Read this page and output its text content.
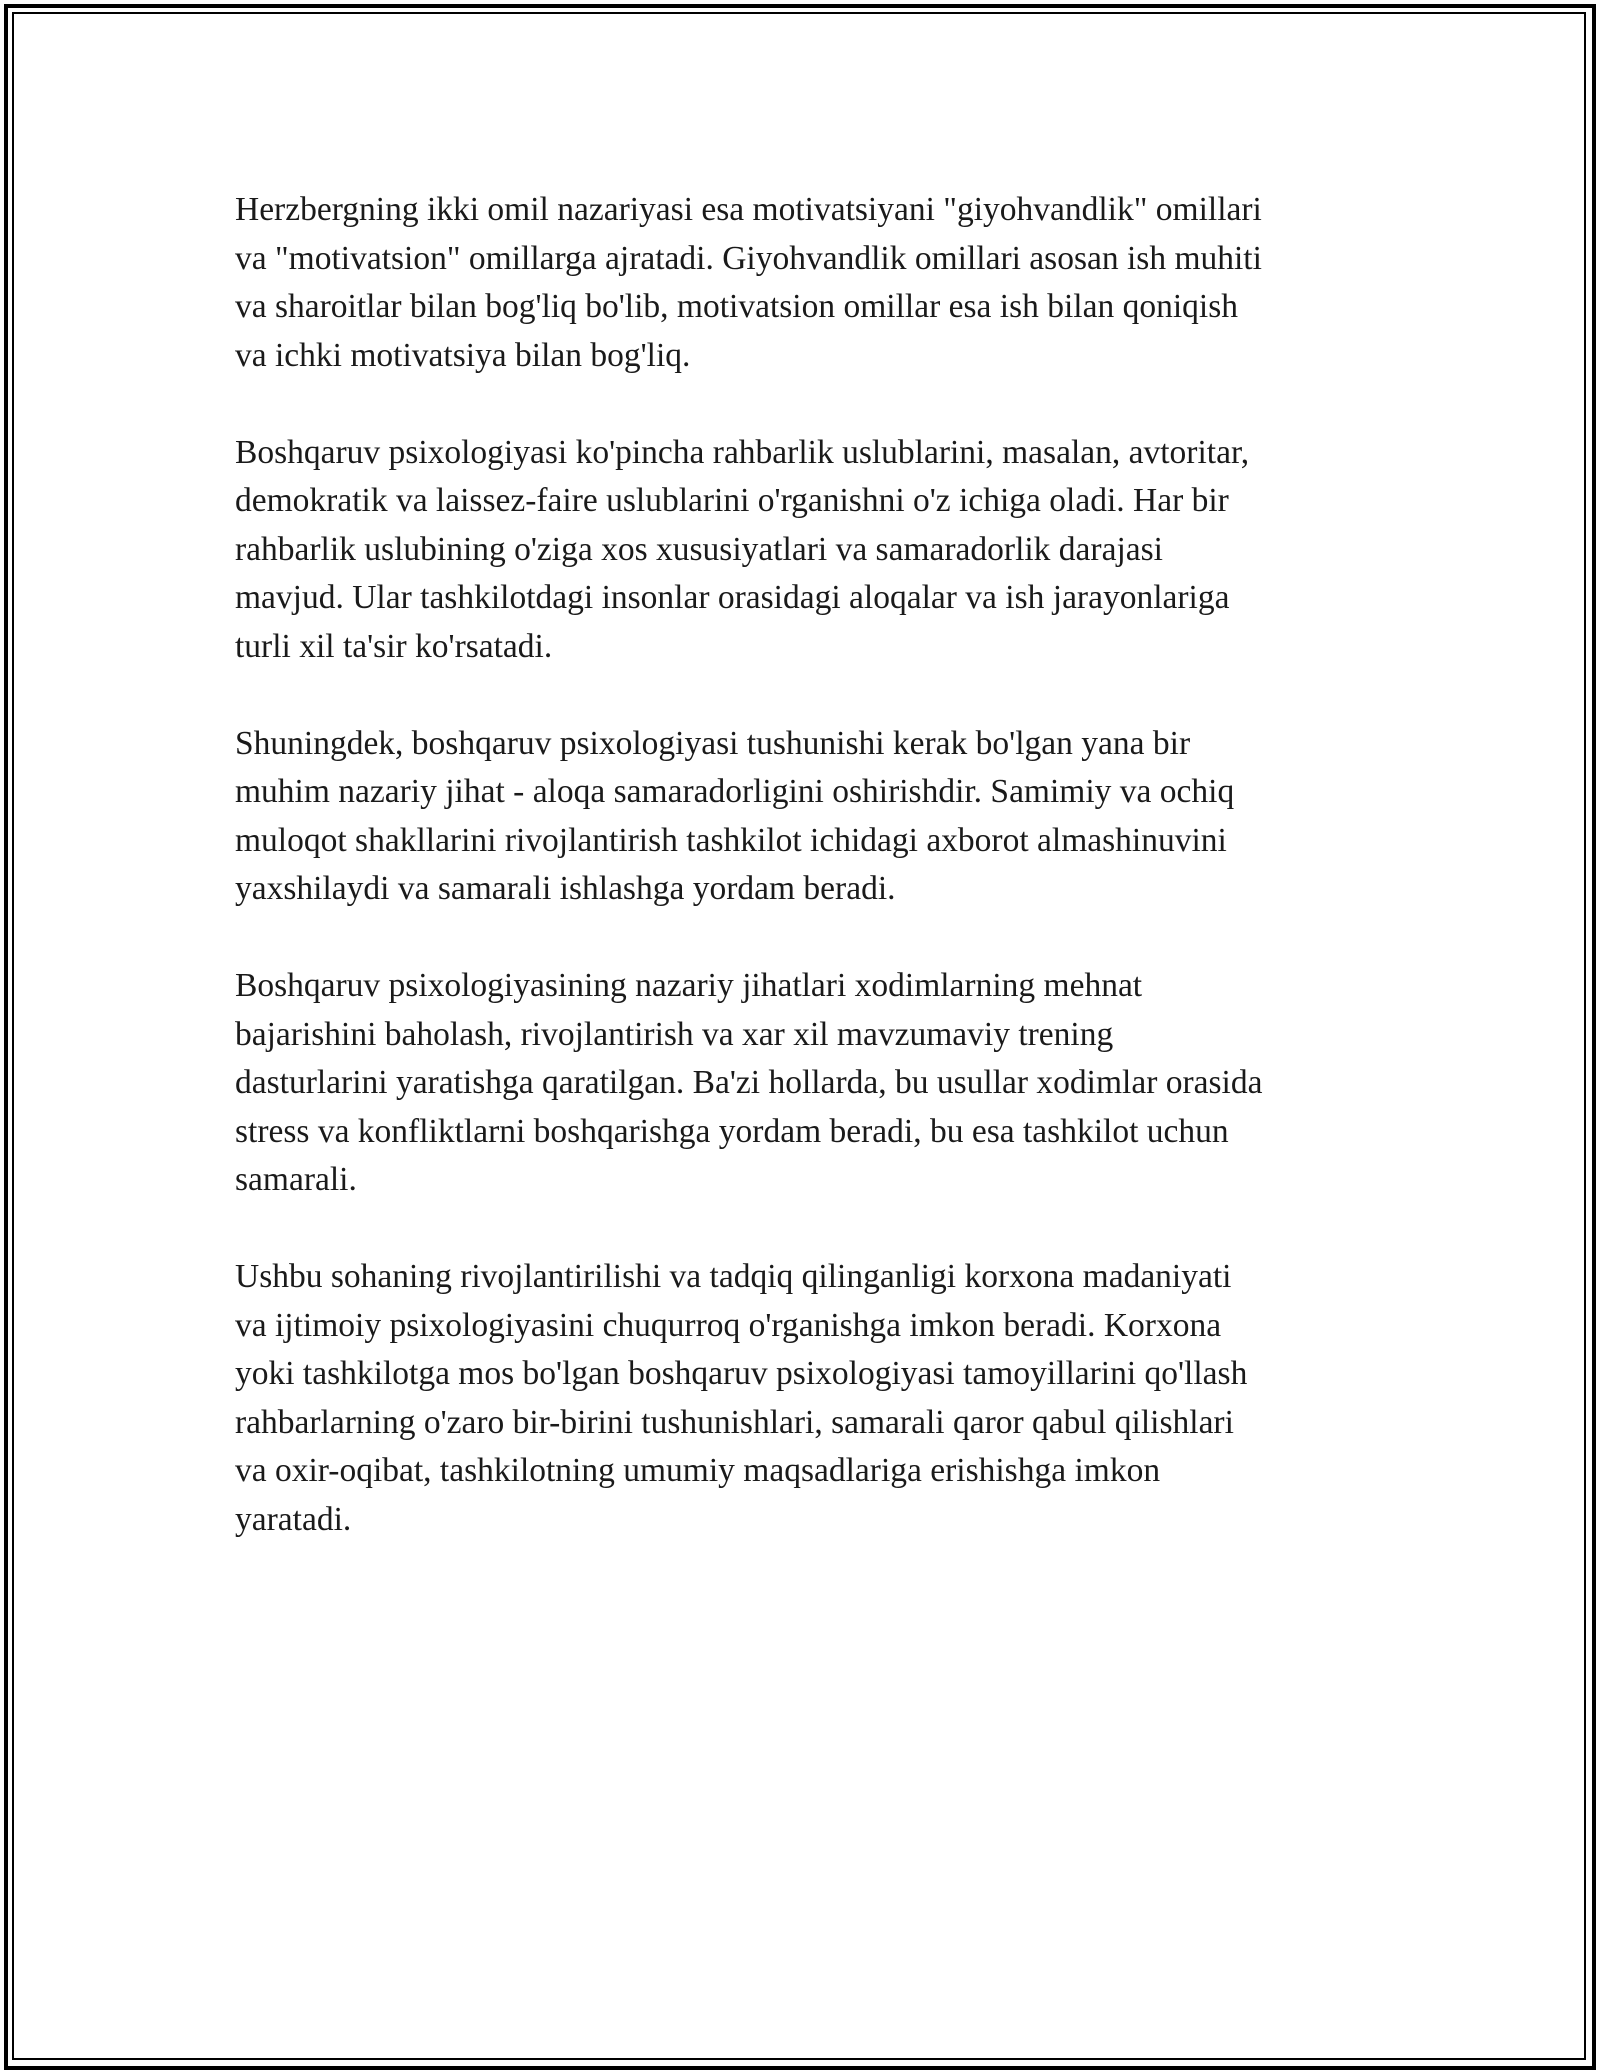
Herzbergning ikki omil nazariyasi esa motivatsiyani "giyohvandlik" omillari
va "motivatsion" omillarga ajratadi. Giyohvandlik omillari asosan ish muhiti
va sharoitlar bilan bog'liq bo'lib, motivatsion omillar esa ish bilan qoniqish
va ichki motivatsiya bilan bog'liq.

Boshqaruv psixologiyasi ko'pincha rahbarlik uslublarini, masalan, avtoritar,
demokratik va laissez-faire uslublarini o'rganishni o'z ichiga oladi. Har bir
rahbarlik uslubining o'ziga xos xususiyatlari va samaradorlik darajasi
mavjud. Ular tashkilotdagi insonlar orasidagi aloqalar va ish jarayonlariga
turli xil ta'sir ko'rsatadi.

Shuningdek, boshqaruv psixologiyasi tushunishi kerak bo'lgan yana bir
muhim nazariy jihat - aloqa samaradorligini oshirishdir. Samimiy va ochiq
muloqot shakllarini rivojlantirish tashkilot ichidagi axborot almashinuvini
yaxshilaydi va samarali ishlashga yordam beradi.

Boshqaruv psixologiyasining nazariy jihatlari xodimlarning mehnat
bajarishini baholash, rivojlantirish va xar xil mavzumaviy trening
dasturlarini yaratishga qaratilgan. Ba'zi hollarda, bu usullar xodimlar orasida
stress va konfliktlarni boshqarishga yordam beradi, bu esa tashkilot uchun
samarali.

Ushbu sohaning rivojlantirilishi va tadqiq qilinganligi korxona madaniyati
va ijtimoiy psixologiyasini chuqurroq o'rganishga imkon beradi. Korxona
yoki tashkilotga mos bo'lgan boshqaruv psixologiyasi tamoyillarini qo'llash
rahbarlarning o'zaro bir-birini tushunishlari, samarali qaror qabul qilishlari
va oxir-oqibat, tashkilotning umumiy maqsadlariga erishishga imkon
yaratadi.
